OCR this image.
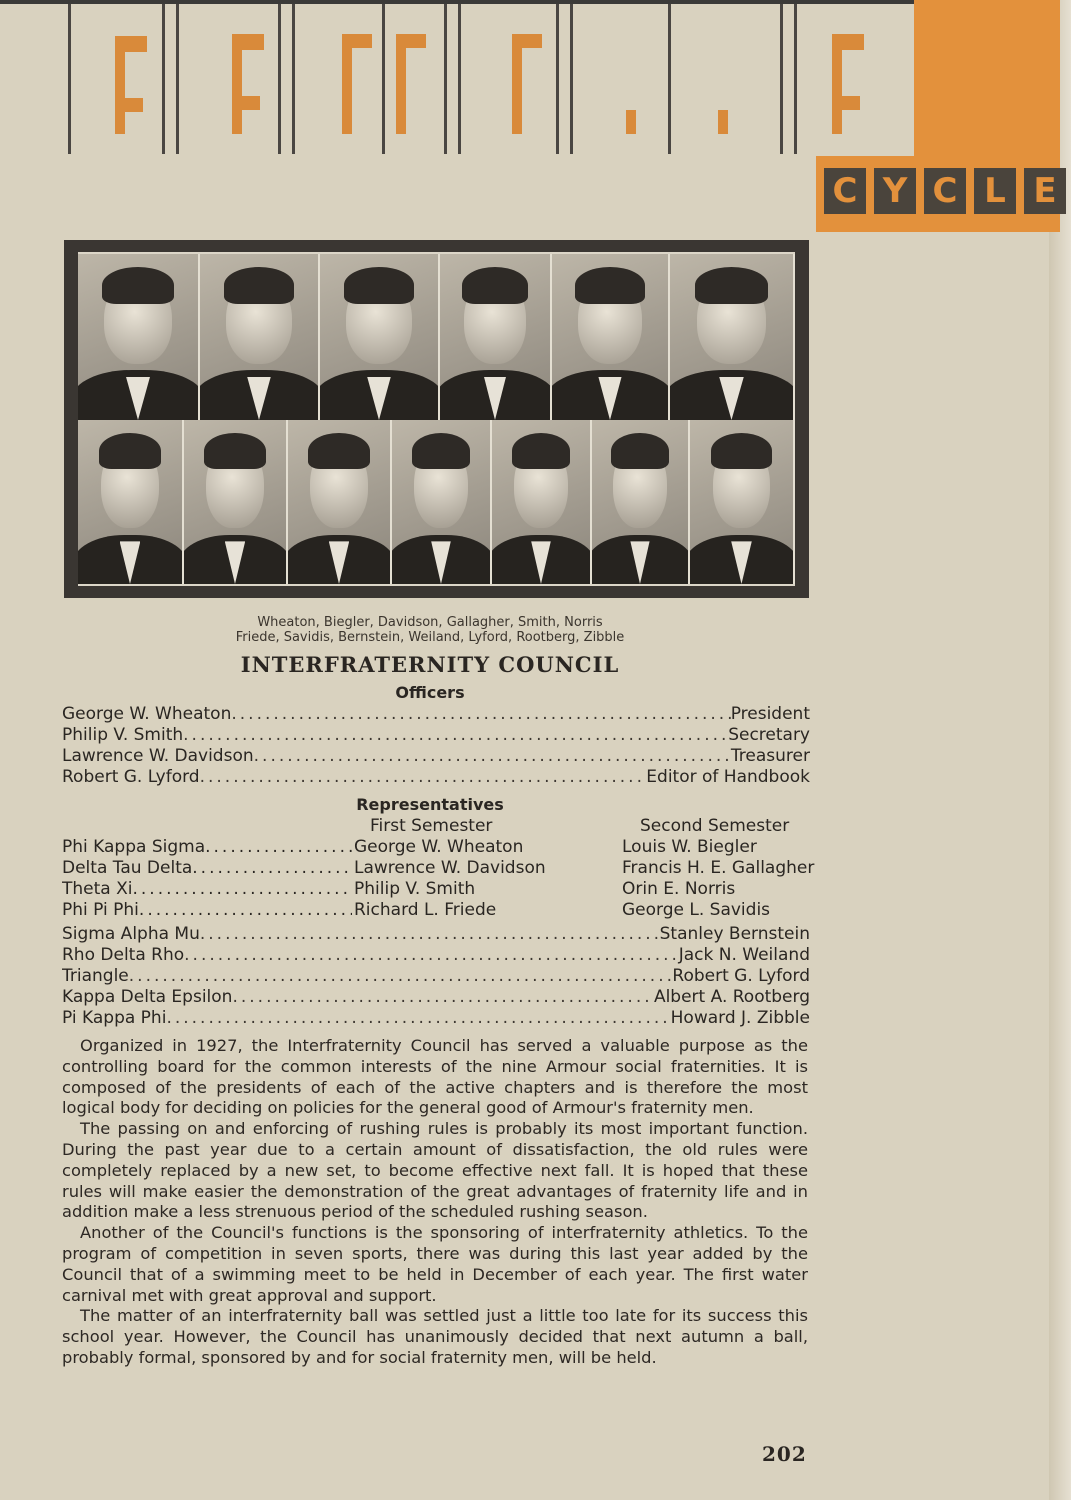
C Y C L E
Wheaton, Biegler, Davidson, Gallagher, Smith, Norris
Friede, Savidis, Bernstein, Weiland, Lyford, Rootberg, Zibble
INTERFRATERNITY COUNCIL
Officers
George W. Wheaton .....	President
Philip V. Smith .....	Secretary
Lawrence W. Davidson .....	Treasurer
Robert G. Lyford .....	Editor of Handbook
Representatives
First Semester	Second Semester
Phi Kappa Sigma .....	George W. Wheaton	Louis W. Biegler
Delta Tau Delta .....	Lawrence W. Davidson	Francis H. E. Gallagher
Theta Xi .....	Philip V. Smith	Orin E. Norris
Phi Pi Phi .....	Richard L. Friede	George L. Savidis
Sigma Alpha Mu .....	Stanley Bernstein
Rho Delta Rho .....	Jack N. Weiland
Triangle .....	Robert G. Lyford
Kappa Delta Epsilon .....	Albert A. Rootberg
Pi Kappa Phi .....	Howard J. Zibble

Organized in 1927, the Interfraternity Council has served a valuable purpose as the controlling board for the common interests of the nine Armour social fraternities. It is composed of the presidents of each of the active chapters and is therefore the most logical body for deciding on policies for the general good of Armour's fraternity men.

The passing on and enforcing of rushing rules is probably its most important function. During the past year due to a certain amount of dissatisfaction, the old rules were completely replaced by a new set, to become effective next fall. It is hoped that these rules will make easier the demonstration of the great advantages of fraternity life and in addition make a less strenuous period of the scheduled rushing season.

Another of the Council's functions is the sponsoring of interfraternity athletics. To the program of competition in seven sports, there was during this last year added by the Council that of a swimming meet to be held in December of each year. The first water carnival met with great approval and support.

The matter of an interfraternity ball was settled just a little too late for its success this school year. However, the Council has unanimously decided that next autumn a ball, probably formal, sponsored by and for social fraternity men, will be held.

202
